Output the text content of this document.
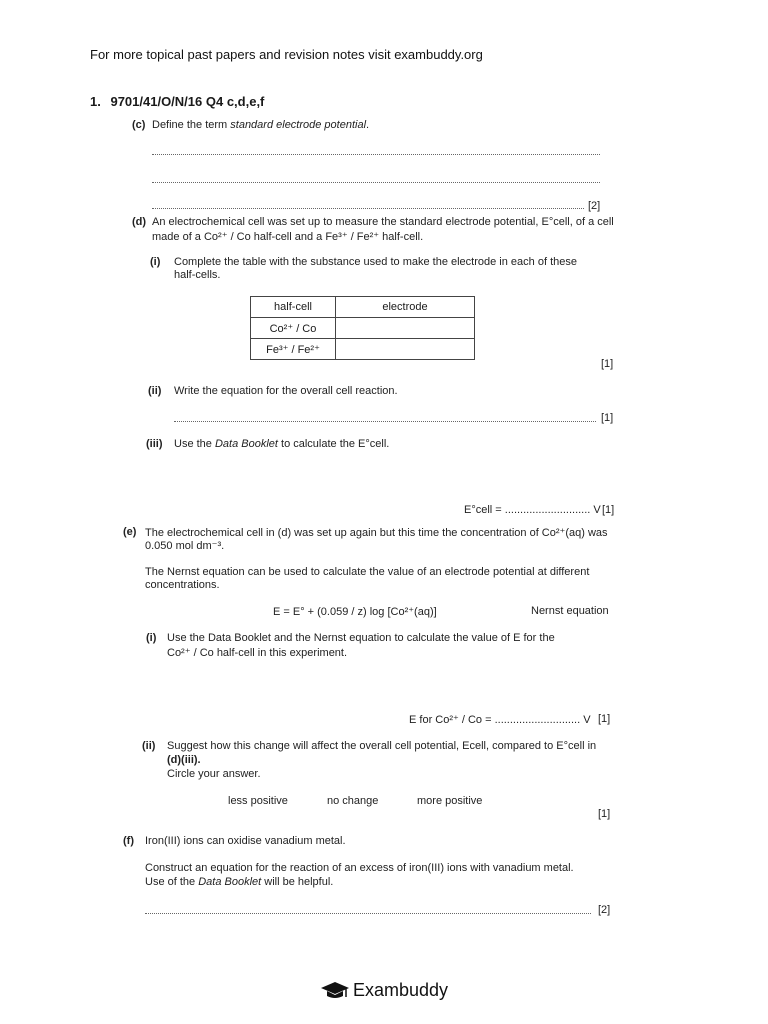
For more topical past papers and revision notes visit exambuddy.org
1. 9701/41/O/N/16 Q4 c,d,e,f
(c) Define the term standard electrode potential.
[2]
(d) An electrochemical cell was set up to measure the standard electrode potential, E°cell, of a cell
made of a Co²⁺ / Co half-cell and a Fe³⁺ / Fe²⁺ half-cell.
(i) Complete the table with the substance used to make the electrode in each of these
half-cells.
half-cell	electrode
Co²⁺ / Co	
Fe³⁺ / Fe²⁺	
[1]
(ii) Write the equation for the overall cell reaction.
[1]
(iii) Use the Data Booklet to calculate the E°cell.
E°cell = ............................ V [1]
(e) The electrochemical cell in (d) was set up again but this time the concentration of Co²⁺(aq) was
0.050 mol dm⁻³.
The Nernst equation can be used to calculate the value of an electrode potential at different
concentrations.
E = E° + (0.059 / z) log [Co²⁺(aq)]	Nernst equation
(i) Use the Data Booklet and the Nernst equation to calculate the value of E for the
Co²⁺ / Co half-cell in this experiment.
E for Co²⁺ / Co = ............................ V [1]
(ii) Suggest how this change will affect the overall cell potential, Ecell, compared to E°cell in
(d)(iii).
Circle your answer.
less positive	no change	more positive
[1]
(f) Iron(III) ions can oxidise vanadium metal.
Construct an equation for the reaction of an excess of iron(III) ions with vanadium metal.
Use of the Data Booklet will be helpful.
[2]
Exambuddy
